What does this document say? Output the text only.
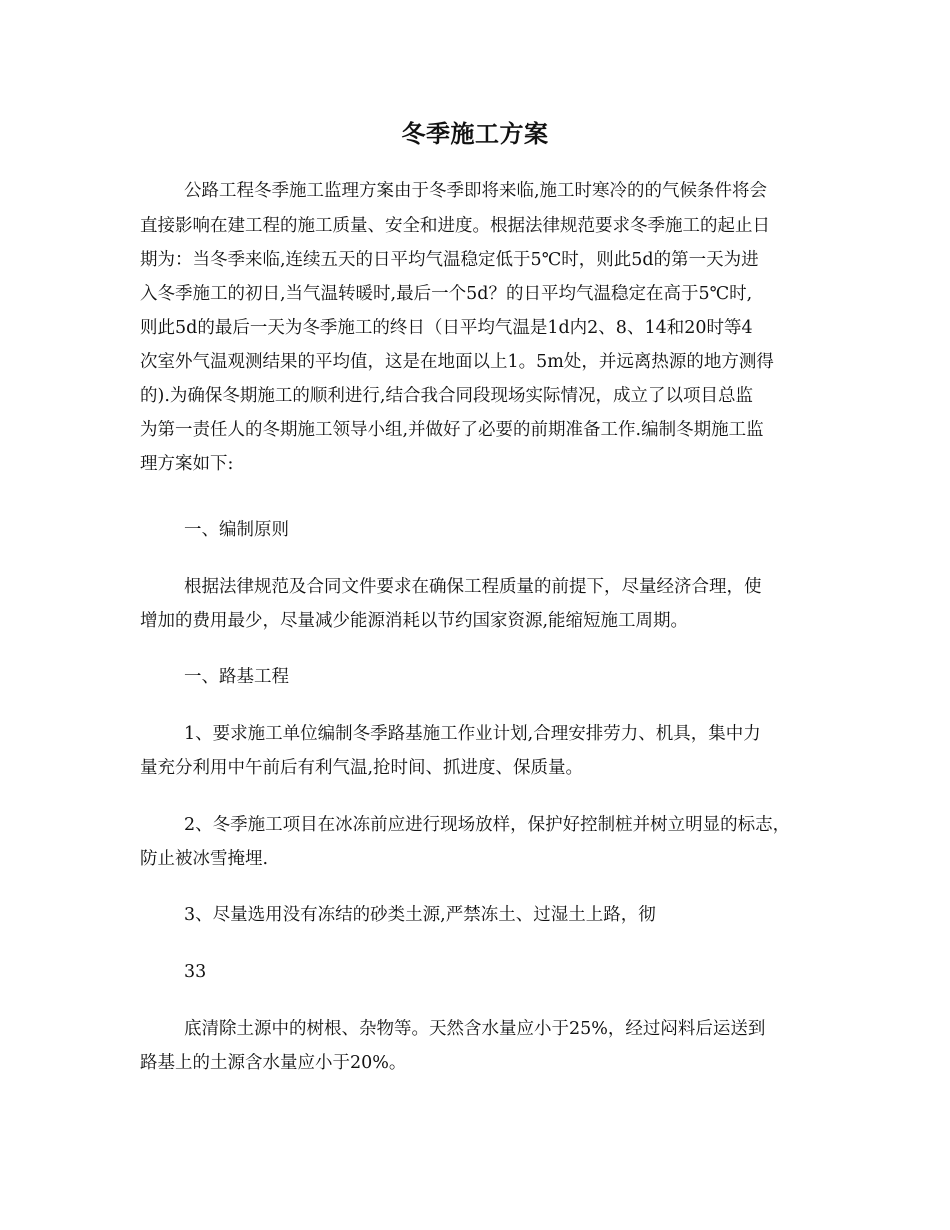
冬季施工方案
公路工程冬季施工监理方案由于冬季即将来临,施工时寒冷的的气候条件将会
直接影响在建工程的施工质量、安全和进度。根据法律规范要求冬季施工的起止日
期为：当冬季来临,连续五天的日平均气温稳定低于5℃时，则此5d的第一天为进
入冬季施工的初日,当气温转暖时,最后一个5d？的日平均气温稳定在高于5℃时,
则此5d的最后一天为冬季施工的终日（日平均气温是1d内2、8、14和20时等4
次室外气温观测结果的平均值，这是在地面以上1。5m处，并远离热源的地方测得
的).为确保冬期施工的顺利进行,结合我合同段现场实际情况，成立了以项目总监
为第一责任人的冬期施工领导小组,并做好了必要的前期准备工作.编制冬期施工监
理方案如下:
一、编制原则
根据法律规范及合同文件要求在确保工程质量的前提下，尽量经济合理，使
增加的费用最少，尽量减少能源消耗以节约国家资源,能缩短施工周期。
一、路基工程
1、要求施工单位编制冬季路基施工作业计划,合理安排劳力、机具，集中力
量充分利用中午前后有利气温,抢时间、抓进度、保质量。
2、冬季施工项目在冰冻前应进行现场放样，保护好控制桩并树立明显的标志，
防止被冰雪掩埋.
3、尽量选用没有冻结的砂类土源,严禁冻土、过湿土上路，彻
33
底清除土源中的树根、杂物等。天然含水量应小于25%，经过闷料后运送到
路基上的土源含水量应小于20%。
